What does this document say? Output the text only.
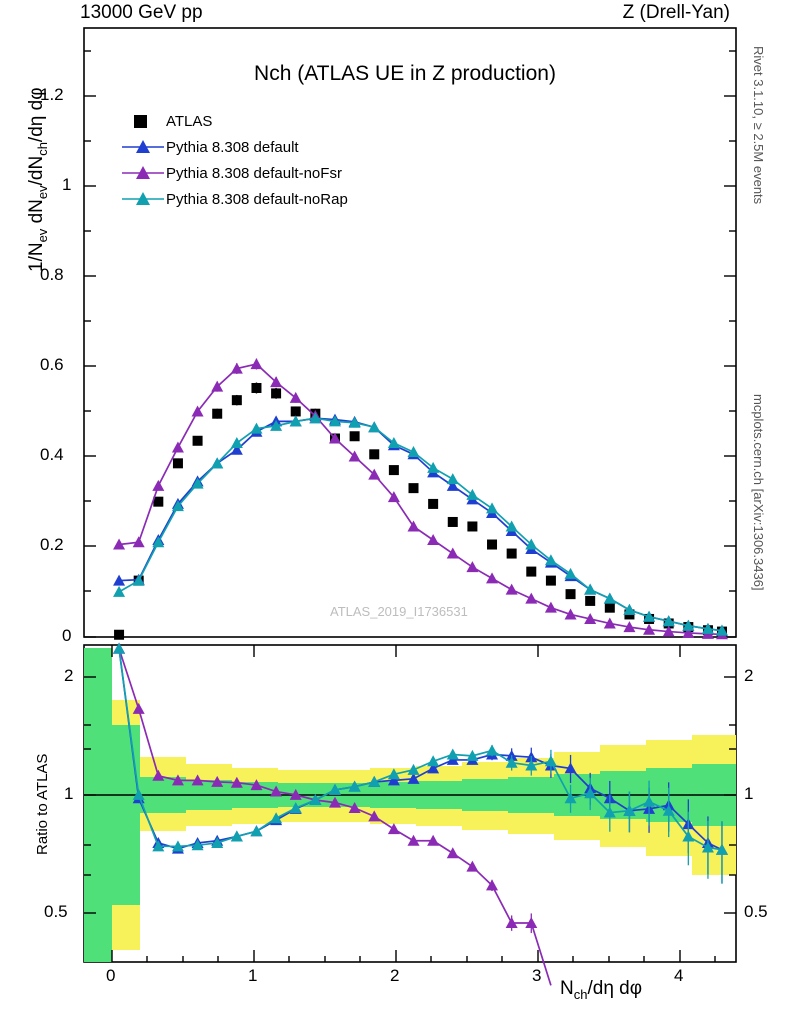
13000 GeV pp	Z (Drell-Yan)
Rivet 3.1.10, ≥ 2.5M events
mcplots.cern.ch [arXiv:1306.3436]
Nch (ATLAS UE in Z production)
$1/N_{ev}$ $dN_{ev}/dN_{ch}/d\eta$ dφ
Ratio to ATLAS
$N_{ch}/d\eta$ dφ
ATLAS_2019_I1736531
0
0.2
0.4
0.6
0.8
1
1.2
2
1
0.5
2
1
0.5
0	1	2	3	4
ATLAS
Pythia 8.308 default
Pythia 8.308 default-noFsr
Pythia 8.308 default-noRap
